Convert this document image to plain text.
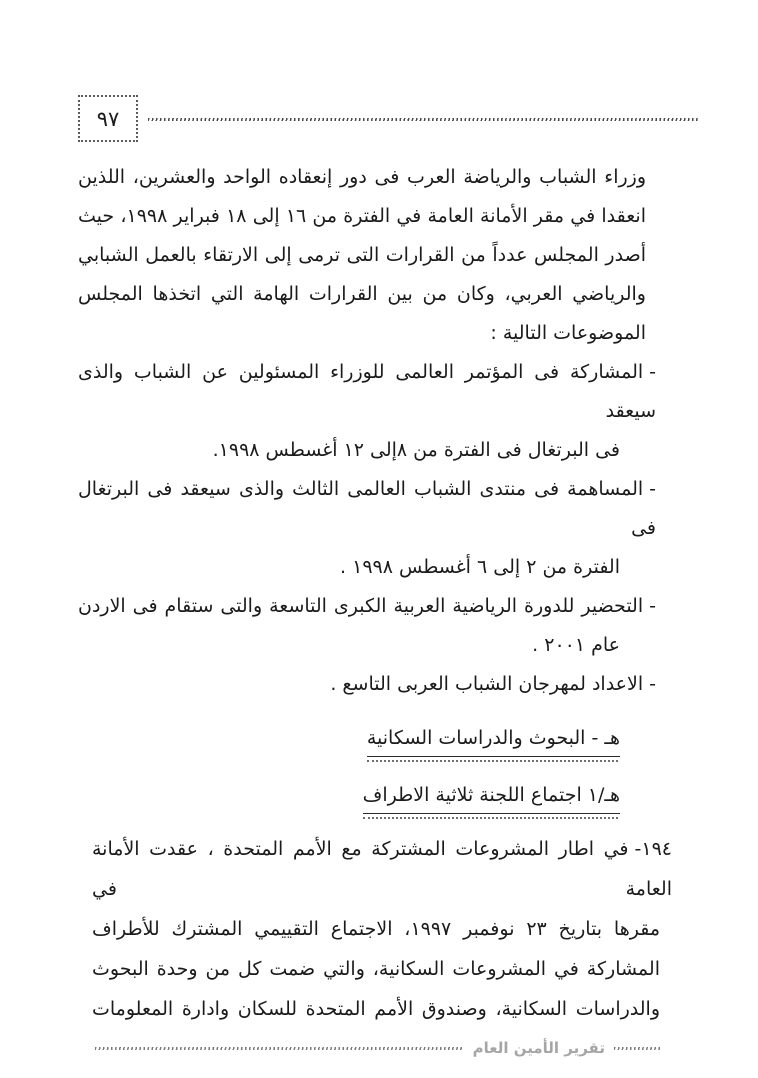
٩٧
وزراء الشباب والرياضة العرب فى دور إنعقاده الواحد والعشرين، اللذين
انعقدا في مقر الأمانة العامة في الفترة من ١٦ إلى ١٨ فبراير ١٩٩٨، حيث
أصدر المجلس عدداً من القرارات التى ترمى إلى الارتقاء بالعمل الشبابي
والرياضي العربي، وكان من بين القرارات الهامة التي اتخذها المجلس
الموضوعات التالية :
-المشاركة فى المؤتمر العالمى للوزراء المسئولين عن الشباب والذى سيعقد
فى البرتغال فى الفترة من ٨إلى ١٢ أغسطس ١٩٩٨.
-المساهمة فى منتدى الشباب العالمى الثالث والذى سيعقد فى البرتغال فى
الفترة من ٢ إلى ٦ أغسطس ١٩٩٨ .
-التحضير للدورة الرياضية العربية الكبرى التاسعة والتى ستقام فى الاردن
عام ٢٠٠١ .
-الاعداد لمهرجان الشباب العربى التاسع .
هـ - البحوث والدراسات السكانية
هـ/١ اجتماع اللجنة ثلاثية الاطراف
١٩٤-في اطار المشروعات المشتركة مع الأمم المتحدة ، عقدت الأمانة العامة في
مقرها بتاريخ ٢٣ نوفمبر ١٩٩٧، الاجتماع التقييمي المشترك للأطراف
المشاركة في المشروعات السكانية، والتي ضمت كل من وحدة البحوث
والدراسات السكانية، وصندوق الأمم المتحدة للسكان وادارة المعلومات
تقرير الأمين العام
